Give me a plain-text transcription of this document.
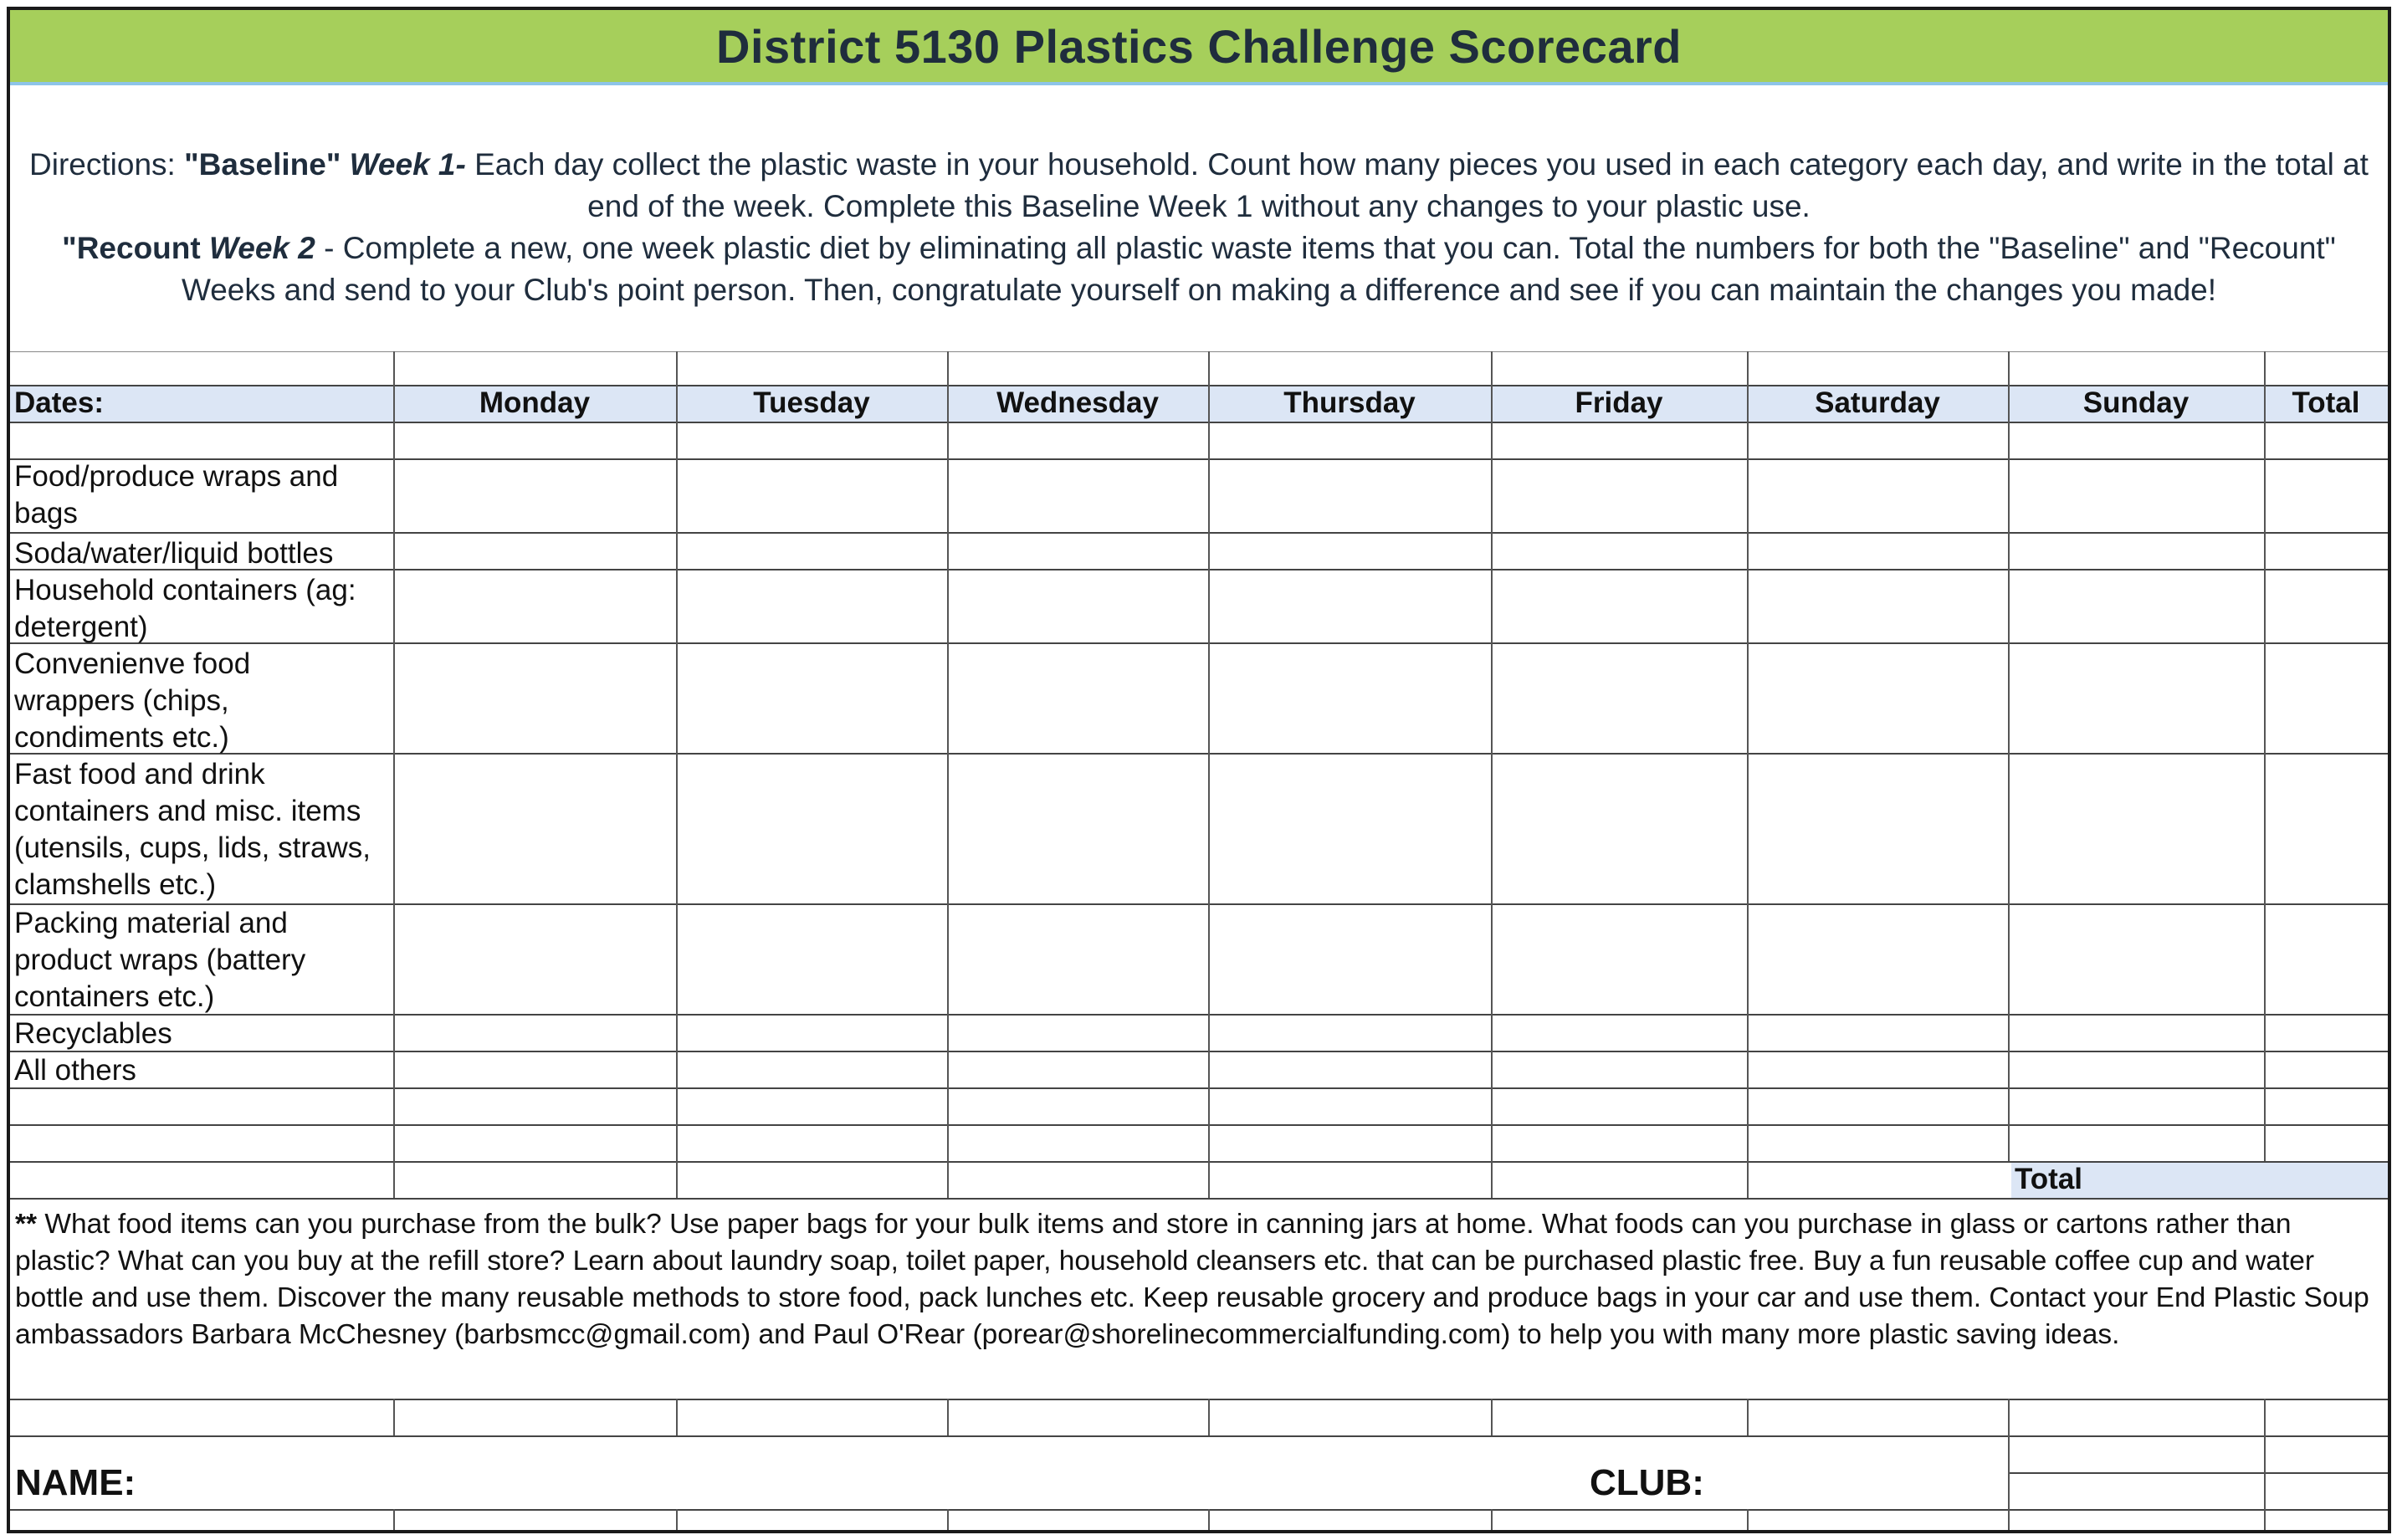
District 5130 Plastics Challenge Scorecard
Directions: "Baseline" Week 1- Each day collect the plastic waste in your household. Count how many pieces you used in each category each day, and write in the total at end of the week. Complete this Baseline Week 1 without any changes to your plastic use.
"Recount Week 2 - Complete a new, one week plastic diet by eliminating all plastic waste items that you can. Total the numbers for both the "Baseline" and "Recount" Weeks and send to your Club's point person. Then, congratulate yourself on making a difference and see if you can maintain the changes you made!
Dates:	Monday	Tuesday	Wednesday	Thursday	Friday	Saturday	Sunday	Total
Food/produce wraps and bags
Soda/water/liquid bottles
Household containers (ag: detergent)
Convenienve food wrappers (chips, condiments etc.)
Fast food and drink containers and misc. items (utensils, cups, lids, straws, clamshells etc.)
Packing material and product wraps (battery containers etc.)
Recyclables
All others
Total
** What food items can you purchase from the bulk? Use paper bags for your bulk items and store in canning jars at home. What foods can you purchase in glass or cartons rather than plastic? What can you buy at the refill store? Learn about laundry soap, toilet paper, household cleansers etc. that can be purchased plastic free. Buy a fun reusable coffee cup and water bottle and use them. Discover the many reusable methods to store food, pack lunches etc. Keep reusable grocery and produce bags in your car and use them. Contact your End Plastic Soup ambassadors Barbara McChesney (barbsmcc@gmail.com) and Paul O'Rear (porear@shorelinecommercialfunding.com) to help you with many more plastic saving ideas.
NAME:	CLUB:
